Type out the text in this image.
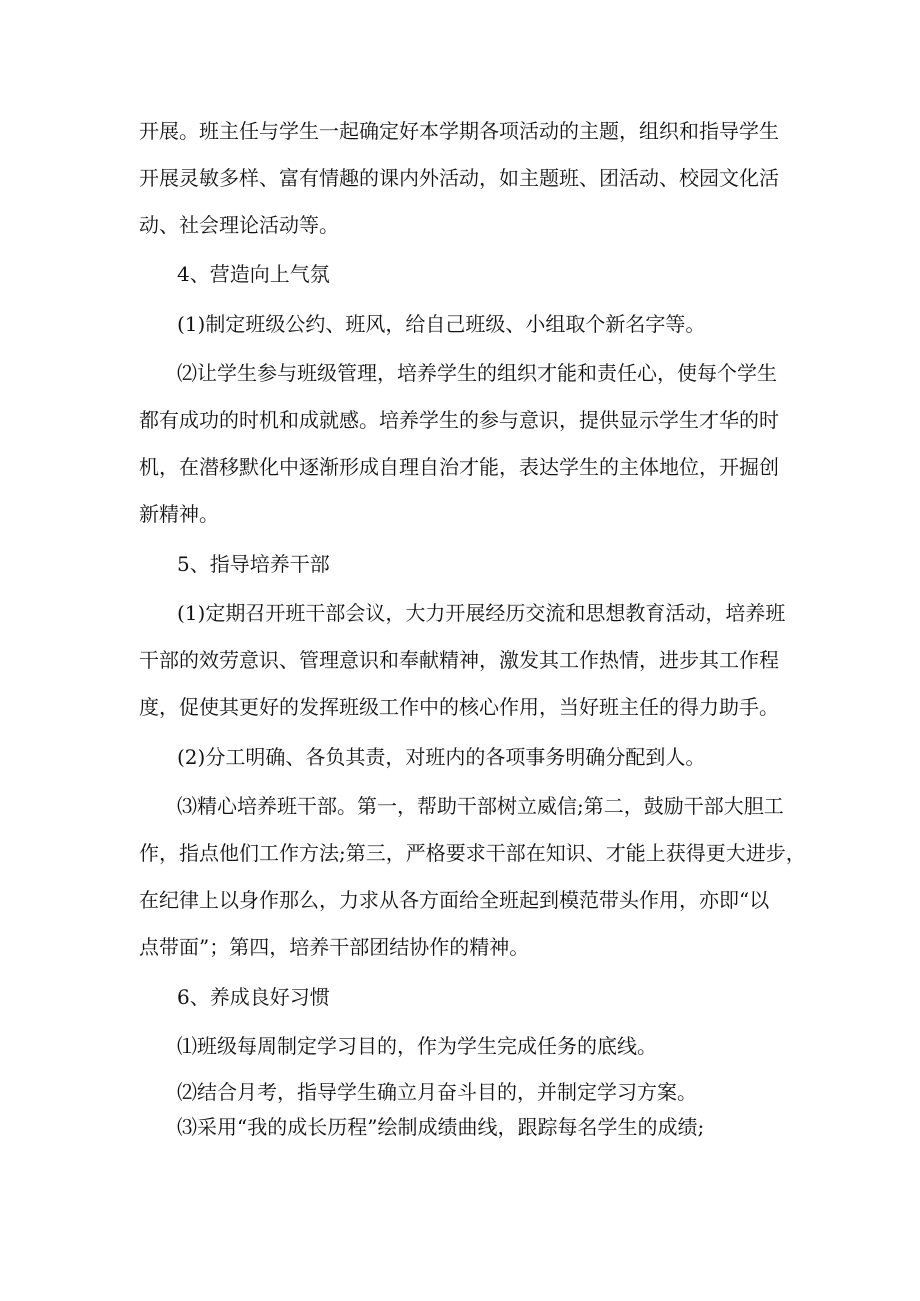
开展。班主任与学生一起确定好本学期各项活动的主题，组织和指导学生
开展灵敏多样、富有情趣的课内外活动，如主题班、团活动、校园文化活
动、社会理论活动等。
4、营造向上气氛
(1)制定班级公约、班风，给自己班级、小组取个新名字等。
⑵让学生参与班级管理，培养学生的组织才能和责任心，使每个学生
都有成功的时机和成就感。培养学生的参与意识，提供显示学生才华的时
机，在潜移默化中逐渐形成自理自治才能，表达学生的主体地位，开掘创
新精神。
5、指导培养干部
(1)定期召开班干部会议，大力开展经历交流和思想教育活动，培养班
干部的效劳意识、管理意识和奉献精神，激发其工作热情，进步其工作程
度，促使其更好的发挥班级工作中的核心作用，当好班主任的得力助手。
(2)分工明确、各负其责，对班内的各项事务明确分配到人。
⑶精心培养班干部。第一，帮助干部树立威信;第二，鼓励干部大胆工
作，指点他们工作方法;第三，严格要求干部在知识、才能上获得更大进步，
在纪律上以身作那么，力求从各方面给全班起到模范带头作用，亦即“以
点带面”；第四，培养干部团结协作的精神。
6、养成良好习惯
⑴班级每周制定学习目的，作为学生完成任务的底线。
⑵结合月考，指导学生确立月奋斗目的，并制定学习方案。
⑶采用“我的成长历程”绘制成绩曲线，跟踪每名学生的成绩;
